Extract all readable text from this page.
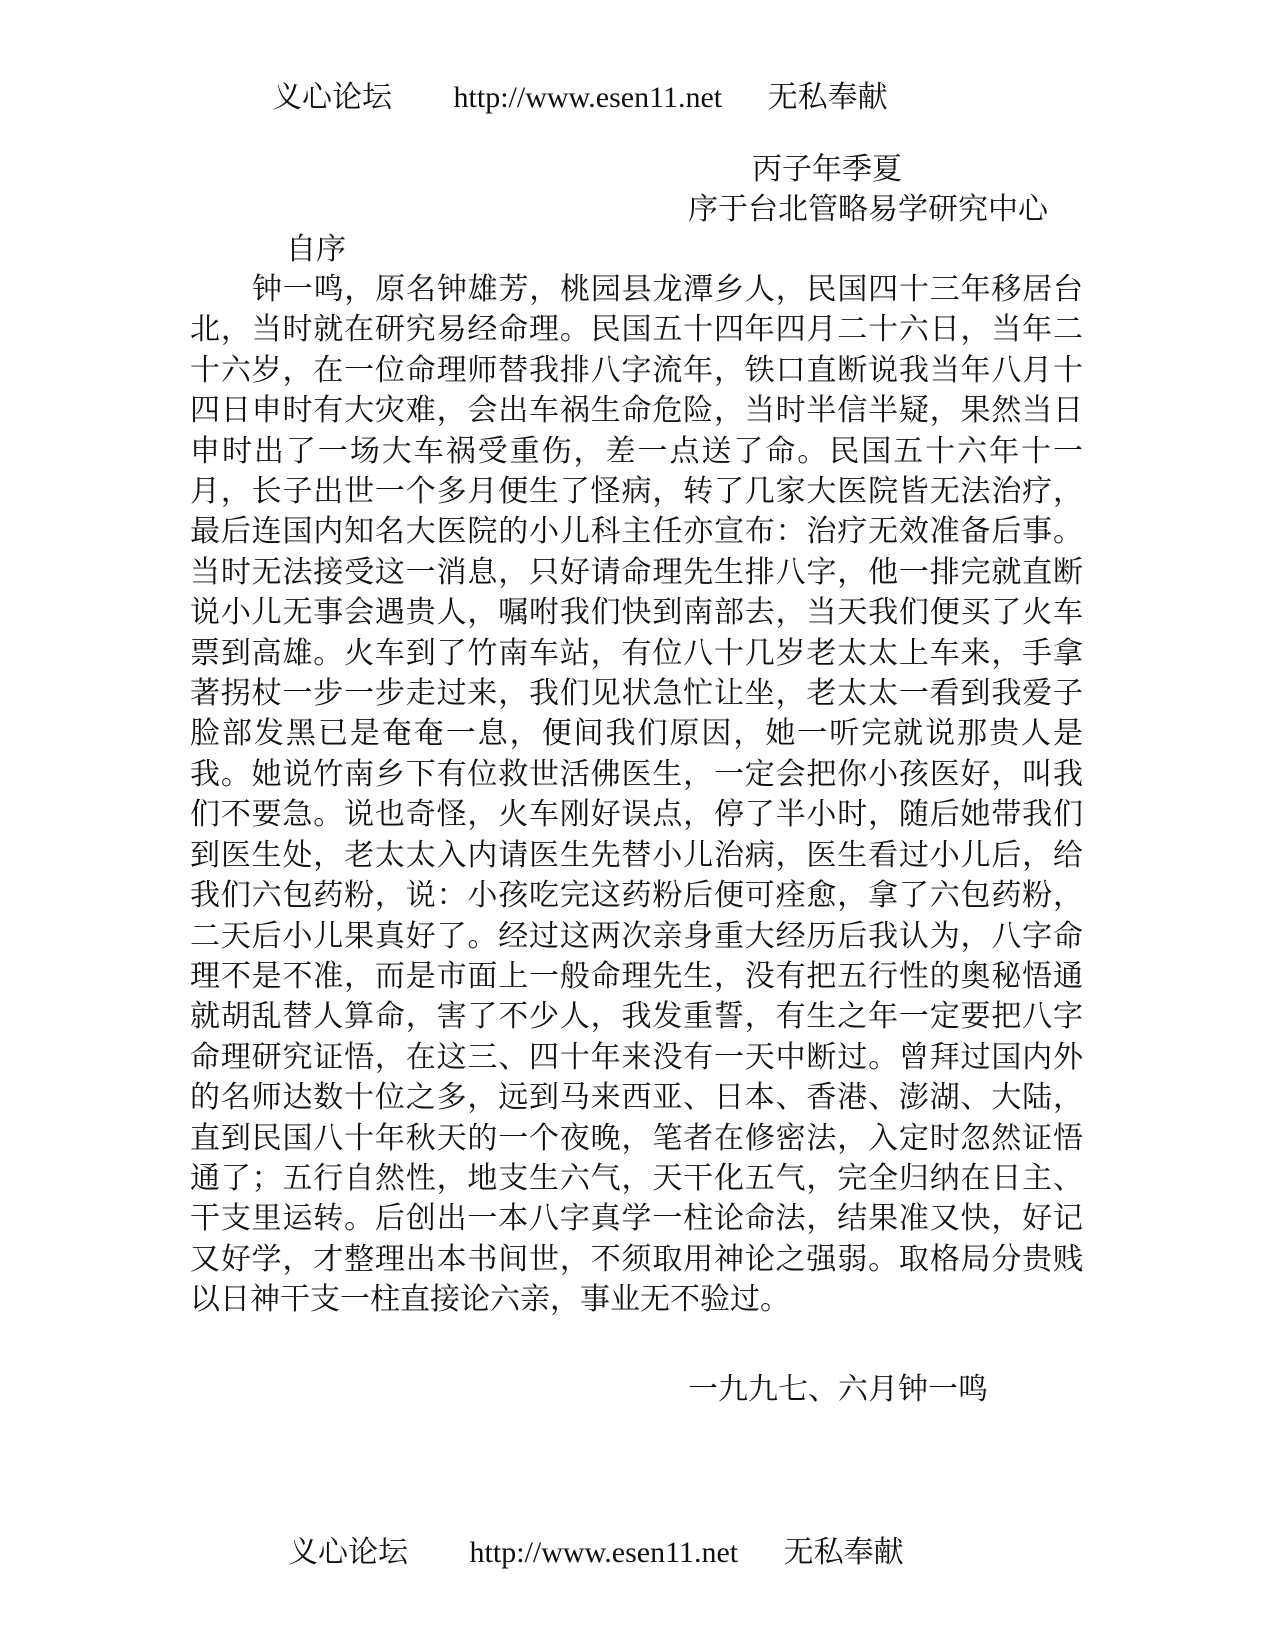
义心论坛 http://www.esen11.net 无私奉献
丙子年季夏
序于台北管略易学研究中心
自序

钟一鸣，原名钟雄芳，桃园县龙潭乡人，民国四十三年移居台北，当时就在研究易经命理。民国五十四年四月二十六日，当年二十六岁，在一位命理师替我排八字流年，铁口直断说我当年八月十四日申时有大灾难，会出车祸生命危险，当时半信半疑，果然当日申时出了一场大车祸受重伤，差一点送了命。民国五十六年十一月，长子出世一个多月便生了怪病，转了几家大医院皆无法治疗，最后连国内知名大医院的小儿科主任亦宣布：治疗无效准备后事。当时无法接受这一消息，只好请命理先生排八字，他一排完就直断说小儿无事会遇贵人，嘱咐我们快到南部去，当天我们便买了火车票到高雄。火车到了竹南车站，有位八十几岁老太太上车来，手拿著拐杖一步一步走过来，我们见状急忙让坐，老太太一看到我爱子脸部发黑已是奄奄一息，便间我们原因，她一听完就说那贵人是我。她说竹南乡下有位救世活佛医生，一定会把你小孩医好，叫我们不要急。说也奇怪，火车刚好误点，停了半小时，随后她带我们到医生处，老太太入内请医生先替小儿治病，医生看过小儿后，给我们六包药粉，说：小孩吃完这药粉后便可痊愈，拿了六包药粉，二天后小儿果真好了。经过这两次亲身重大经历后我认为，八字命理不是不准，而是市面上一般命理先生，没有把五行性的奥秘悟通就胡乱替人算命，害了不少人，我发重誓，有生之年一定要把八字命理研究证悟，在这三、四十年来没有一天中断过。曾拜过国内外的名师达数十位之多，远到马来西亚、日本、香港、澎湖、大陆，直到民国八十年秋天的一个夜晚，笔者在修密法，入定时忽然证悟通了；五行自然性，地支生六气，天干化五气，完全归纳在日主、干支里运转。后创出一本八字真学一柱论命法，结果准又快，好记又好学，才整理出本书间世，不须取用神论之强弱。取格局分贵贱以日神干支一柱直接论六亲，事业无不验过。

一九九七、六月钟一鸣
义心论坛 http://www.esen11.net 无私奉献
